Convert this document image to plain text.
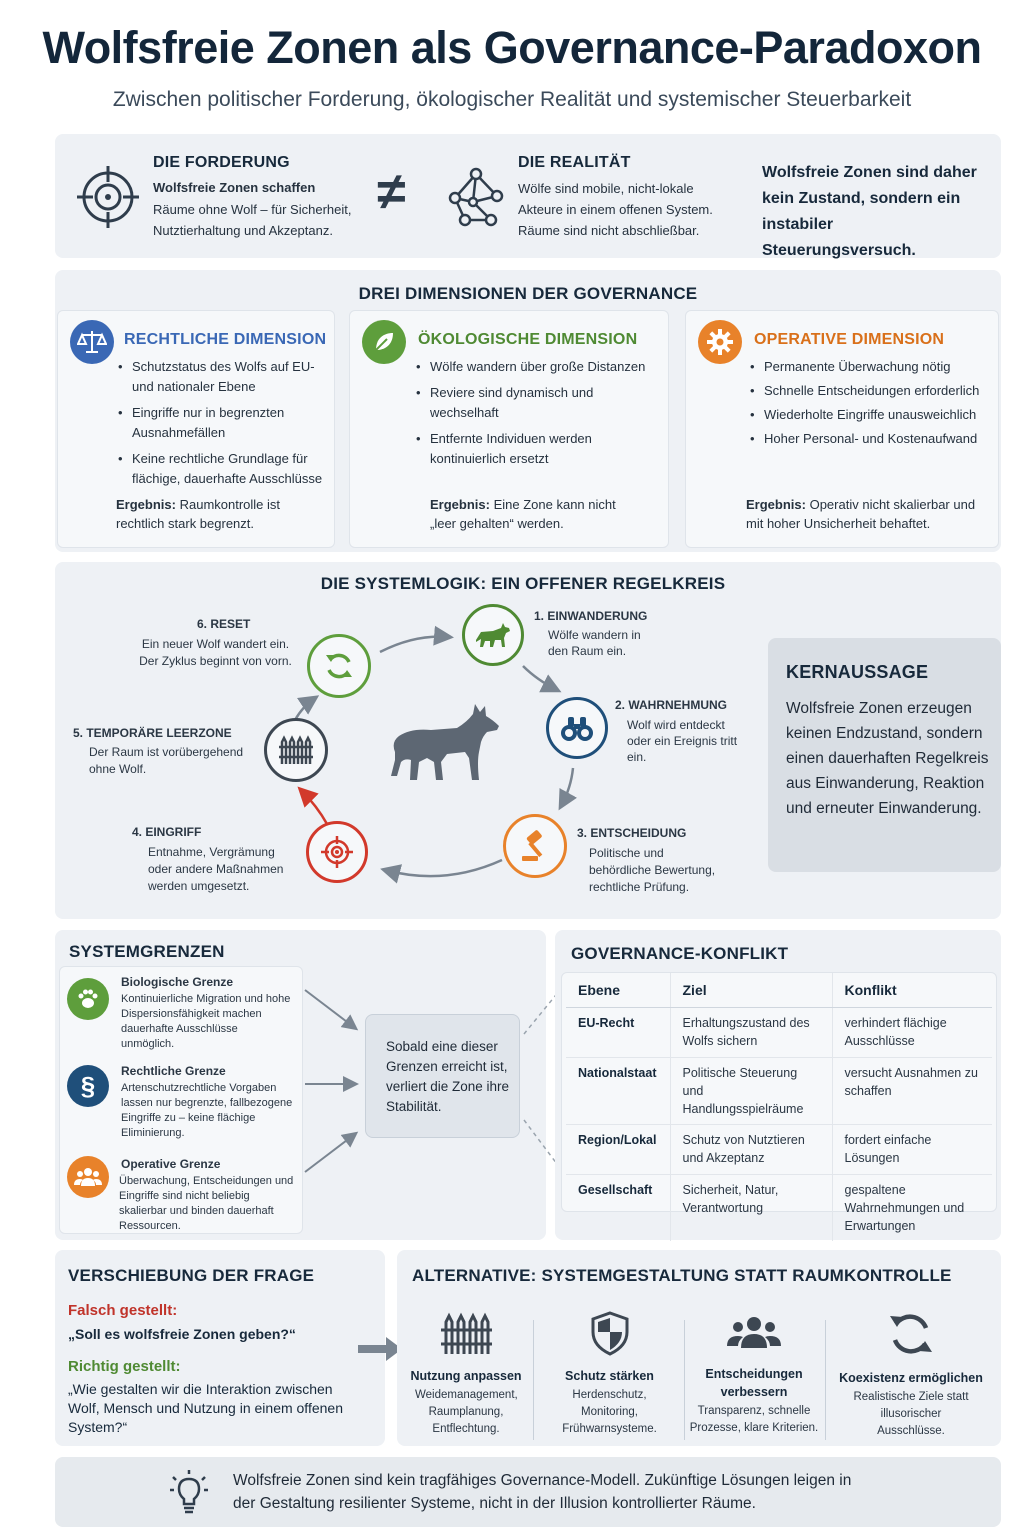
Wolfsfreie Zonen als Governance-Paradoxon
Zwischen politischer Forderung, ökologischer Realität und systemischer Steuerbarkeit
DIE FORDERUNG
Wolfsfreie Zonen schaffen
Räume ohne Wolf – für Sicherheit, Nutztierhaltung und Akzeptanz.
≠
DIE REALITÄT
Wölfe sind mobile, nicht-lokale Akteure in einem offenen System. Räume sind nicht abschließbar.
Wolfsfreie Zonen sind daher kein Zustand, sondern ein instabiler Steuerungsversuch.
DREI DIMENSIONEN DER GOVERNANCE
RECHTLICHE DIMENSION
• Schutzstatus des Wolfs auf EU- und nationaler Ebene
• Eingriffe nur in begrenzten Ausnahmefällen
• Keine rechtliche Grundlage für flächige, dauerhafte Ausschlüsse
Ergebnis: Raumkontrolle ist rechtlich stark begrenzt.
ÖKOLOGISCHE DIMENSION
• Wölfe wandern über große Distanzen
• Reviere sind dynamisch und wechselhaft
• Entfernte Individuen werden kontinuierlich ersetzt
Ergebnis: Eine Zone kann nicht „leer gehalten“ werden.
OPERATIVE DIMENSION
• Permanente Überwachung nötig
• Schnelle Entscheidungen erforderlich
• Wiederholte Eingriffe unausweichlich
• Hoher Personal- und Kostenaufwand
Ergebnis: Operativ nicht skalierbar und mit hoher Unsicherheit behaftet.
DIE SYSTEMLOGIK: EIN OFFENER REGELKREIS
6. RESET
Ein neuer Wolf wandert ein. Der Zyklus beginnt von vorn.
1. EINWANDERUNG
Wölfe wandern in den Raum ein.
2. WAHRNEHMUNG
Wolf wird entdeckt oder ein Ereignis tritt ein.
3. ENTSCHEIDUNG
Politische und behördliche Bewertung, rechtliche Prüfung.
4. EINGRIFF
Entnahme, Vergrämung oder andere Maßnahmen werden umgesetzt.
5. TEMPORÄRE LEERZONE
Der Raum ist vorübergehend ohne Wolf.
KERNAUSSAGE
Wolfsfreie Zonen erzeugen keinen Endzustand, sondern einen dauerhaften Regelkreis aus Einwanderung, Reaktion und erneuter Einwanderung.
SYSTEMGRENZEN
Biologische Grenze
Kontinuierliche Migration und hohe Dispersionsfähigkeit machen dauerhafte Ausschlüsse unmöglich.
§ Rechtliche Grenze
Artenschutzrechtliche Vorgaben lassen nur begrenzte, fallbezogene Eingriffe zu – keine flächige Eliminierung.
Operative Grenze
Überwachung, Entscheidungen und Eingriffe sind nicht beliebig skalierbar und binden dauerhaft Ressourcen.
Sobald eine dieser Grenzen erreicht ist, verliert die Zone ihre Stabilität.
GOVERNANCE-KONFLIKT
Ebene	Ziel	Konflikt
EU-Recht	Erhaltungszustand des Wolfs sichern	verhindert flächige Ausschlüsse
Nationalstaat	Politische Steuerung und Handlungsspielräume	versucht Ausnahmen zu schaffen
Region/Lokal	Schutz von Nutztieren und Akzeptanz	fordert einfache Lösungen
Gesellschaft	Sicherheit, Natur, Verantwortung	gespaltene Wahrnehmungen und Erwartungen
VERSCHIEBUNG DER FRAGE
Falsch gestellt:
„Soll es wolfsfreie Zonen geben?“
Richtig gestellt:
„Wie gestalten wir die Interaktion zwischen Wolf, Mensch und Nutzung in einem offenen System?“
ALTERNATIVE: SYSTEMGESTALTUNG STATT RAUMKONTROLLE
Nutzung anpassen
Weidemanagement, Raumplanung, Entflechtung.
Schutz stärken
Herdenschutz, Monitoring, Frühwarnsysteme.
Entscheidungen verbessern
Transparenz, schnelle Prozesse, klare Kriterien.
Koexistenz ermöglichen
Realistische Ziele statt illusorischer Ausschlüsse.
Wolfsfreie Zonen sind kein tragfähiges Governance-Modell. Zukünftige Lösungen leigen in der Gestaltung resilienter Systeme, nicht in der Illusion kontrollierter Räume.
